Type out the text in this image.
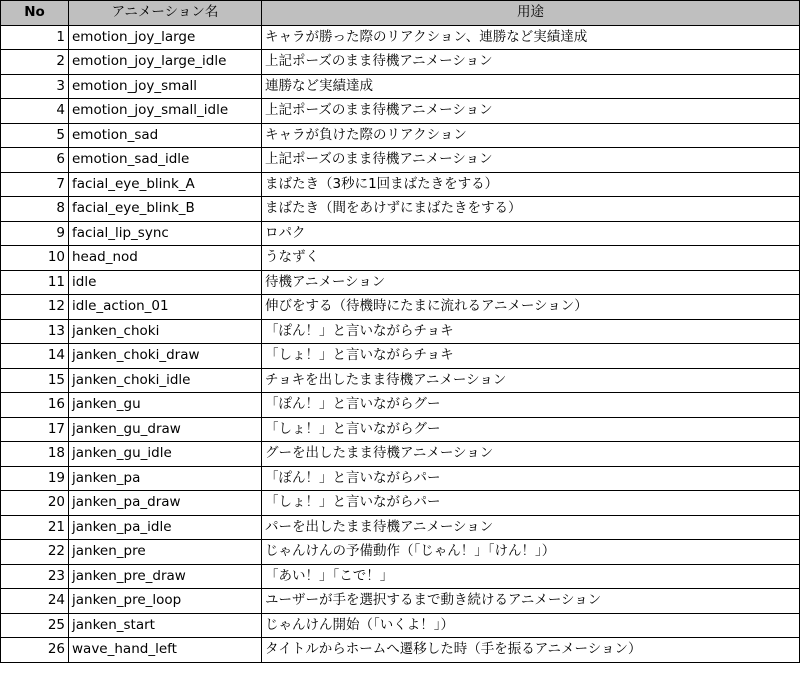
No	アニメーション名	用途
1	emotion_joy_large	キャラが勝った際のリアクション、連勝など実績達成
2	emotion_joy_large_idle	上記ポーズのまま待機アニメーション
3	emotion_joy_small	連勝など実績達成
4	emotion_joy_small_idle	上記ポーズのまま待機アニメーション
5	emotion_sad	キャラが負けた際のリアクション
6	emotion_sad_idle	上記ポーズのまま待機アニメーション
7	facial_eye_blink_A	まばたき（3秒に1回まばたきをする）
8	facial_eye_blink_B	まばたき（間をあけずにまばたきをする）
9	facial_lip_sync	ロパク
10	head_nod	うなずく
11	idle	待機アニメーション
12	idle_action_01	伸びをする（待機時にたまに流れるアニメーション）
13	janken_choki	「ぽん！」と言いながらチョキ
14	janken_choki_draw	「しょ！」と言いながらチョキ
15	janken_choki_idle	チョキを出したまま待機アニメーション
16	janken_gu	「ぽん！」と言いながらグー
17	janken_gu_draw	「しょ！」と言いながらグー
18	janken_gu_idle	グーを出したまま待機アニメーション
19	janken_pa	「ぽん！」と言いながらパー
20	janken_pa_draw	「しょ！」と言いながらパー
21	janken_pa_idle	パーを出したまま待機アニメーション
22	janken_pre	じゃんけんの予備動作（「じゃん！」「けん！」）
23	janken_pre_draw	「あい！」「こで！」
24	janken_pre_loop	ユーザーが手を選択するまで動き続けるアニメーション
25	janken_start	じゃんけん開始（「いくよ！」）
26	wave_hand_left	タイトルからホームへ遷移した時（手を振るアニメーション）
